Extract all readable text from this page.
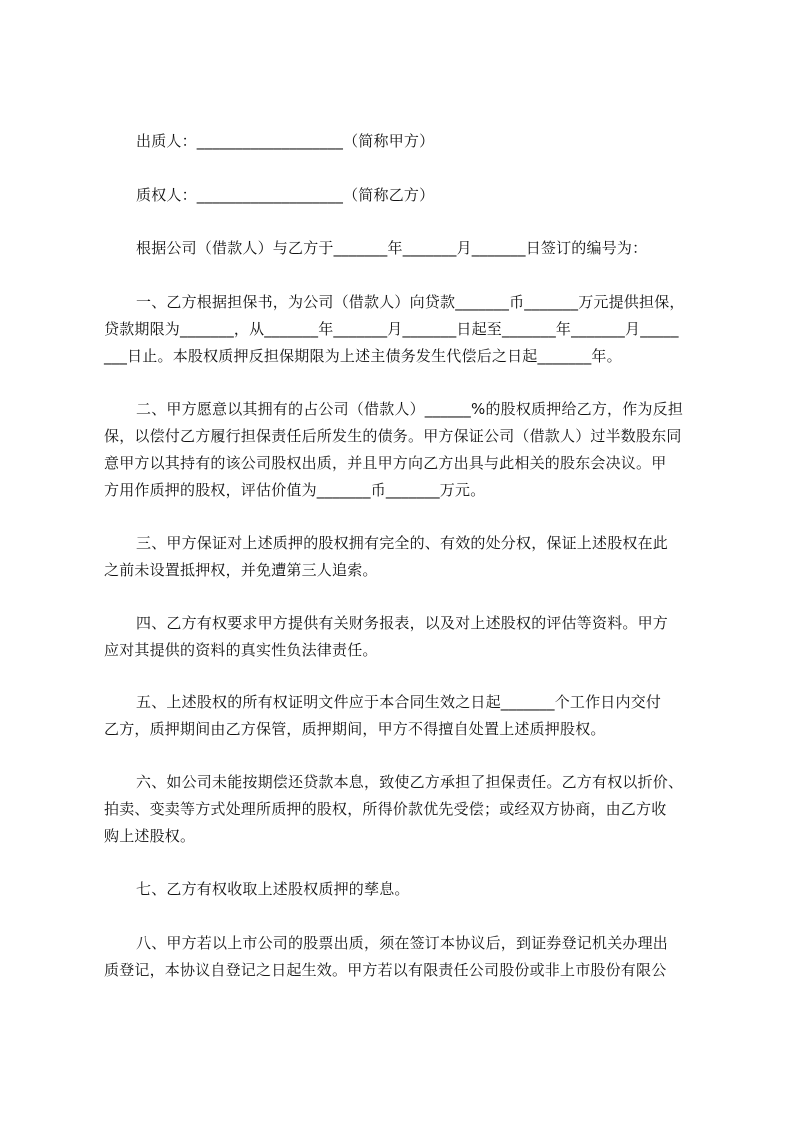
出质人：___________________（简称甲方）
质权人：___________________（简称乙方）
根据公司（借款人）与乙方于_______年_______月_______日签订的编号为：
一、乙方根据担保书，为公司（借款人）向贷款_______币_______万元提供担保，
贷款期限为_______，从_______年_______月_______日起至_______年_______月_____
___日止。本股权质押反担保期限为上述主债务发生代偿后之日起_______年。
二、甲方愿意以其拥有的占公司（借款人）______%的股权质押给乙方，作为反担
保，以偿付乙方履行担保责任后所发生的债务。甲方保证公司（借款人）过半数股东同
意甲方以其持有的该公司股权出质，并且甲方向乙方出具与此相关的股东会决议。甲
方用作质押的股权，评估价值为_______币_______万元。
三、甲方保证对上述质押的股权拥有完全的、有效的处分权，保证上述股权在此
之前未设置抵押权，并免遭第三人追索。
四、乙方有权要求甲方提供有关财务报表，以及对上述股权的评估等资料。甲方
应对其提供的资料的真实性负法律责任。
五、上述股权的所有权证明文件应于本合同生效之日起_______个工作日内交付
乙方，质押期间由乙方保管，质押期间，甲方不得擅自处置上述质押股权。
六、如公司未能按期偿还贷款本息，致使乙方承担了担保责任。乙方有权以折价、
拍卖、变卖等方式处理所质押的股权，所得价款优先受偿；或经双方协商，由乙方收
购上述股权。
七、乙方有权收取上述股权质押的孳息。
八、甲方若以上市公司的股票出质，须在签订本协议后，到证券登记机关办理出
质登记，本协议自登记之日起生效。甲方若以有限责任公司股份或非上市股份有限公
